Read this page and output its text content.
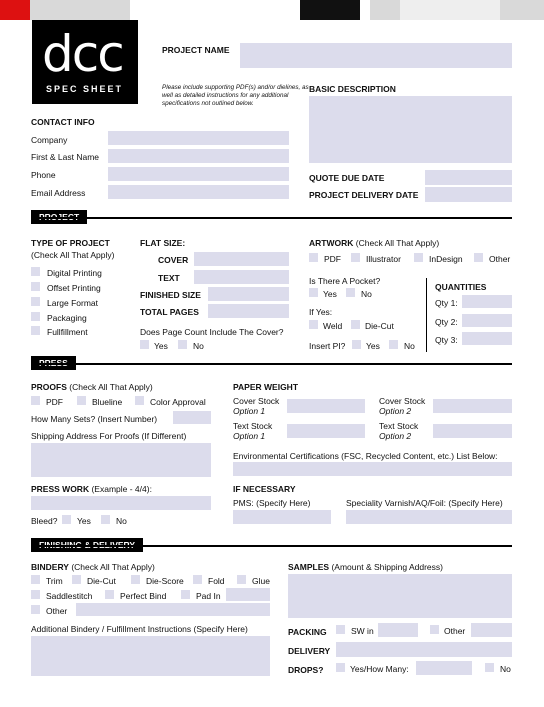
dcc
SPEC SHEET
PROJECT NAME
Please include supporting PDF(s) and/or dielines, as well as detailed instructions for any additional specifications not outlined below.
BASIC DESCRIPTION
QUOTE DUE DATE
PROJECT DELIVERY DATE
CONTACT INFO
Company
First & Last Name
Phone
Email Address
TYPE OF PROJECT
(Check All That Apply)
Digital Printing
Offset Printing
Large Format
Packaging
Fullfillment
FLAT SIZE:
COVER
TEXT
FINISHED SIZE
TOTAL PAGES
Does Page Count Include The Cover?
Yes	No
ARTWORK (Check All That Apply)
PDF	Illustrator	InDesign	Other
Is There A Pocket?
Yes	No
If Yes:
Weld	Die-Cut
Insert PI? Yes	No
QUANTITIES
Qty 1:
Qty 2:
Qty 3:
PROOFS (Check All That Apply)
PDF	Blueline	Color Approval
How Many Sets? (Insert Number)
Shipping Address For Proofs (If Different)
PAPER WEIGHT
Cover Stock
Option 1
Cover Stock
Option 2
Text Stock
Option 1
Text Stock
Option 2
Environmental Certifications (FSC, Recycled Content, etc.) List Below:
PRESS WORK (Example - 4/4):
Bleed? Yes	No
IF NECESSARY
PMS: (Specify Here)	Speciality Varnish/AQ/Foil: (Specify Here)
BINDERY (Check All That Apply)
Trim	Die-Cut	Die-Score	Fold	Glue
Saddlestitch	Perfect Bind	Pad In
Other
Additional Bindery / Fulfillment Instructions (Specify Here)
SAMPLES (Amount & Shipping Address)
PACKING	SW in	Other
DELIVERY
DROPS?	Yes/How Many:	No
